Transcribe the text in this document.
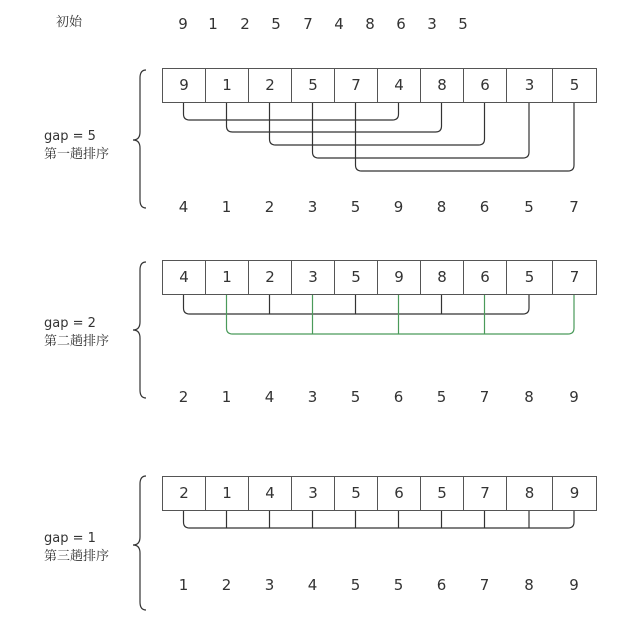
初始
gap = 5
第一趟排序
gap = 2
第二趟排序
gap = 1
第三趟排序
9	1	2	5	7	4	8	6	3	5
9	1	2	5	7	4	8	6	3	5
4	1	2	3	5	9	8	6	5	7
4	1	2	3	5	9	8	6	5	7
2	1	4	3	5	6	5	7	8	9
2	1	4	3	5	6	5	7	8	9
1	2	3	4	5	5	6	7	8	9
